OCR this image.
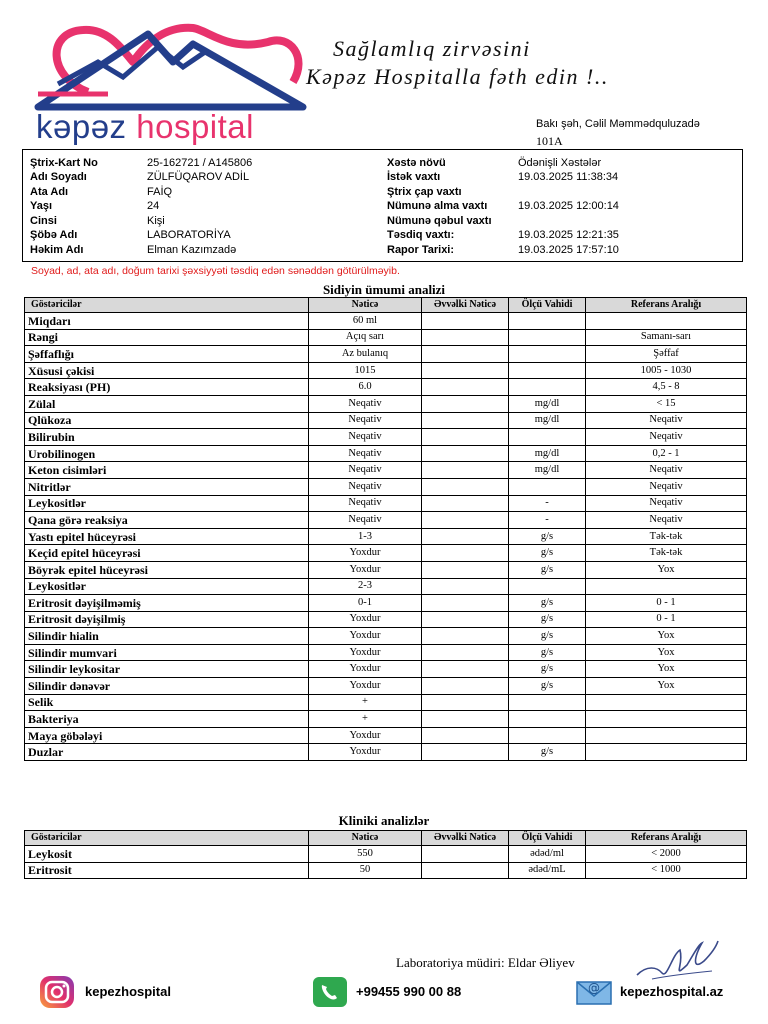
kəpəz hospital
Sağlamlıq zirvəsini
Kəpəz Hospitalla fəth edin !..
Bakı şəh, Cəlil Məmmədquluzadə
101A
Ştrix-Kart No	25-162721 / A145806
Adı Soyadı	ZÜLFÜQAROV ADİL
Ata Adı	FAİQ
Yaşı	24
Cinsi	Kişi
Şöbə Adı	LABORATORİYA
Həkim Adı	Elman Kazımzadə
Xəstə növü	Ödənişli Xəstələr
İstək vaxtı	19.03.2025 11:38:34
Ştrix çap vaxtı
Nümunə alma vaxtı	19.03.2025 12:00:14
Nümunə qəbul vaxtı
Təsdiq vaxtı:	19.03.2025 12:21:35
Rapor Tarixi:	19.03.2025 17:57:10
Soyad, ad, ata adı, doğum tarixi şəxsiyyəti təsdiq edən sənəddən götürülməyib.
Sidiyin ümumi analizi
Göstəricilər	Nəticə	Əvvəlki Nəticə	Ölçü Vahidi	Referans Aralığı
Miqdarı	60 ml			
Rəngi	Açıq sarı			Samanı-sarı
Şəffaflığı	Az bulanıq			Şəffaf
Xüsusi çəkisi	1015			1005 - 1030
Reaksiyası (PH)	6.0			4,5 - 8
Zülal	Neqativ		mg/dl	< 15
Qlükoza	Neqativ		mg/dl	Neqativ
Bilirubin	Neqativ			Neqativ
Urobilinogen	Neqativ		mg/dl	0,2 - 1
Keton cisimləri	Neqativ		mg/dl	Neqativ
Nitritlər	Neqativ			Neqativ
Leykositlər	Neqativ		-	Neqativ
Qana görə reaksiya	Neqativ		-	Neqativ
Yastı epitel hüceyrəsi	1-3		g/s	Tək-tək
Keçid epitel hüceyrəsi	Yoxdur		g/s	Tək-tək
Böyrək epitel hüceyrəsi	Yoxdur		g/s	Yox
Leykositlər	2-3			
Eritrosit dəyişilməmiş	0-1		g/s	0 - 1
Eritrosit dəyişilmiş	Yoxdur		g/s	0 - 1
Silindir hialin	Yoxdur		g/s	Yox
Silindir mumvari	Yoxdur		g/s	Yox
Silindir leykositar	Yoxdur		g/s	Yox
Silindir dənəvər	Yoxdur		g/s	Yox
Selik	+			
Bakteriya	+			
Maya göbələyi	Yoxdur			
Duzlar	Yoxdur		g/s	
Kliniki analizlər
Göstəricilər	Nəticə	Əvvəlki Nəticə	Ölçü Vahidi	Referans Aralığı
Leykosit	550		ədəd/ml	< 2000
Eritrosit	50		ədəd/mL	< 1000
Laboratoriya müdiri: Eldar Əliyev
kepezhospital	+99455 990 00 88	@ kepezhospital.az
